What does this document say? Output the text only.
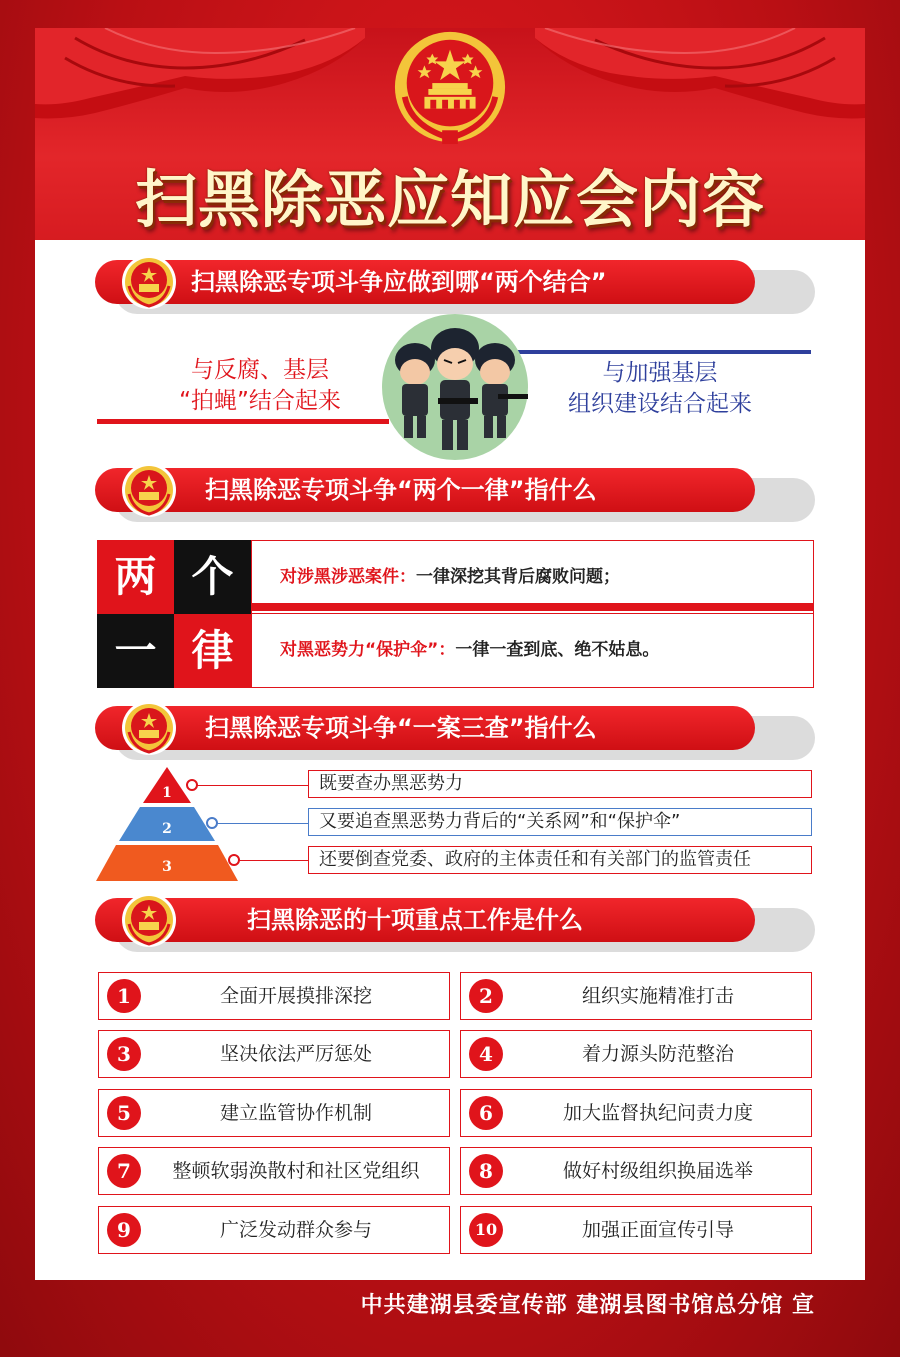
扫黑除恶应知应会内容
扫黑除恶专项斗争应做到哪“两个结合”
与反腐、基层
“拍蝇”结合起来
与加强基层
组织建设结合起来
扫黑除恶专项斗争“两个一律”指什么
两 个
一 律
对涉黑涉恶案件：一律深挖其背后腐败问题；
对黑恶势力“保护伞”：一律一查到底、绝不姑息。
扫黑除恶专项斗争“一案三查”指什么
1
2
3
既要查办黑恶势力
又要追查黑恶势力背后的“关系网”和“保护伞”
还要倒查党委、政府的主体责任和有关部门的监管责任
扫黑除恶的十项重点工作是什么
1	全面开展摸排深挖	2	组织实施精准打击
3	坚决依法严厉惩处	4	着力源头防范整治
5	建立监管协作机制	6	加大监督执纪问责力度
7	整顿软弱涣散村和社区党组织	8	做好村级组织换届选举
9	广泛发动群众参与	10	加强正面宣传引导
中共建湖县委宣传部 建湖县图书馆总分馆 宣
